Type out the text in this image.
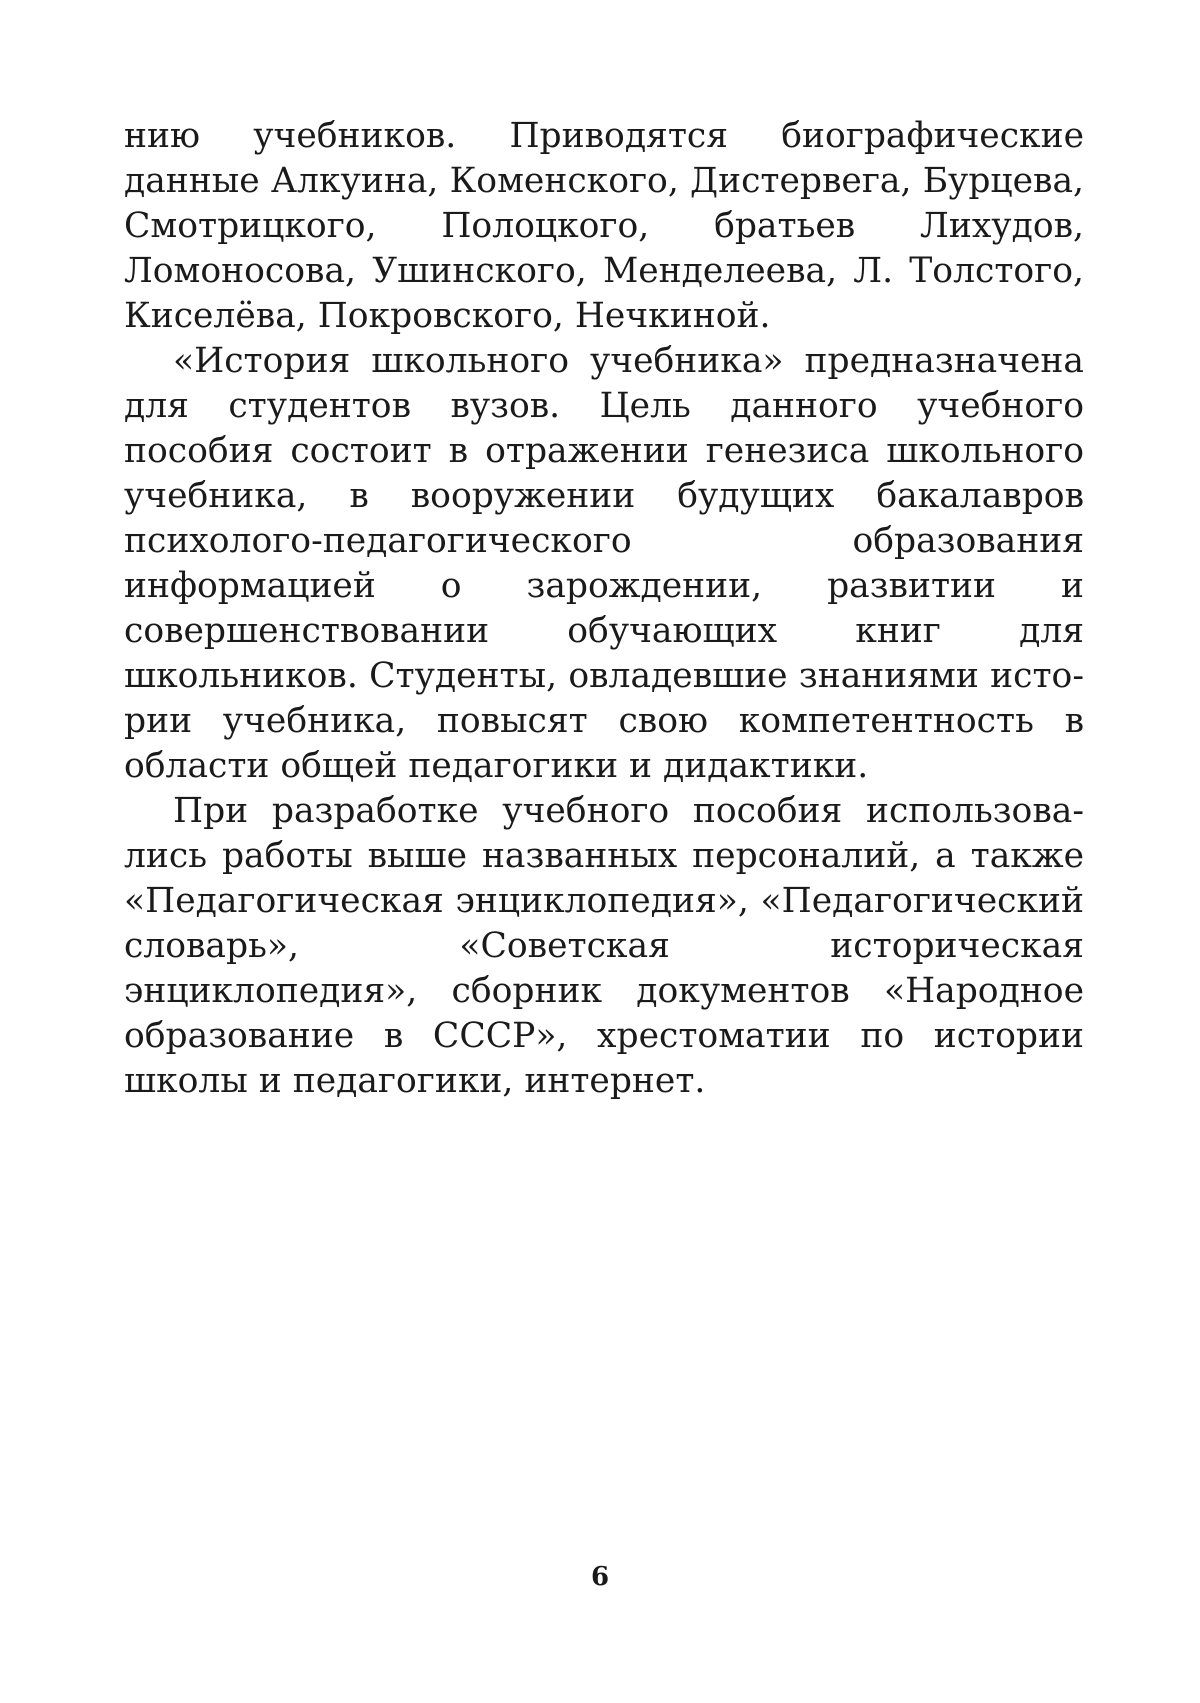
нию учебников. Приводятся биографические данные Алкуина, Коменского, Дистервега, Бурцева, Смотрицкого, Полоцкого, братьев Лихудов, Ломоносова, Ушинского, Менделеева, Л. Толстого, Киселёва, Покровского, Нечкиной.

«История школьного учебника» предназначена для студентов вузов. Цель данного учебного пособия состоит в отражении генезиса школьного учебника, в вооружении будущих бакалавров психолого-педагогического образования информацией о зарождении, развитии и совершенствовании обучающих книг для школьников. Студенты, овладевшие знаниями истории учебника, повысят свою компетентность в области общей педагогики и дидактики.

При разработке учебного пособия использовались работы выше названных персоналий, а также «Педагогическая энциклопедия», «Педагогический словарь», «Советская историческая энциклопедия», сборник документов «Народное образование в СССР», хрестоматии по истории школы и педагогики, интернет.

6
